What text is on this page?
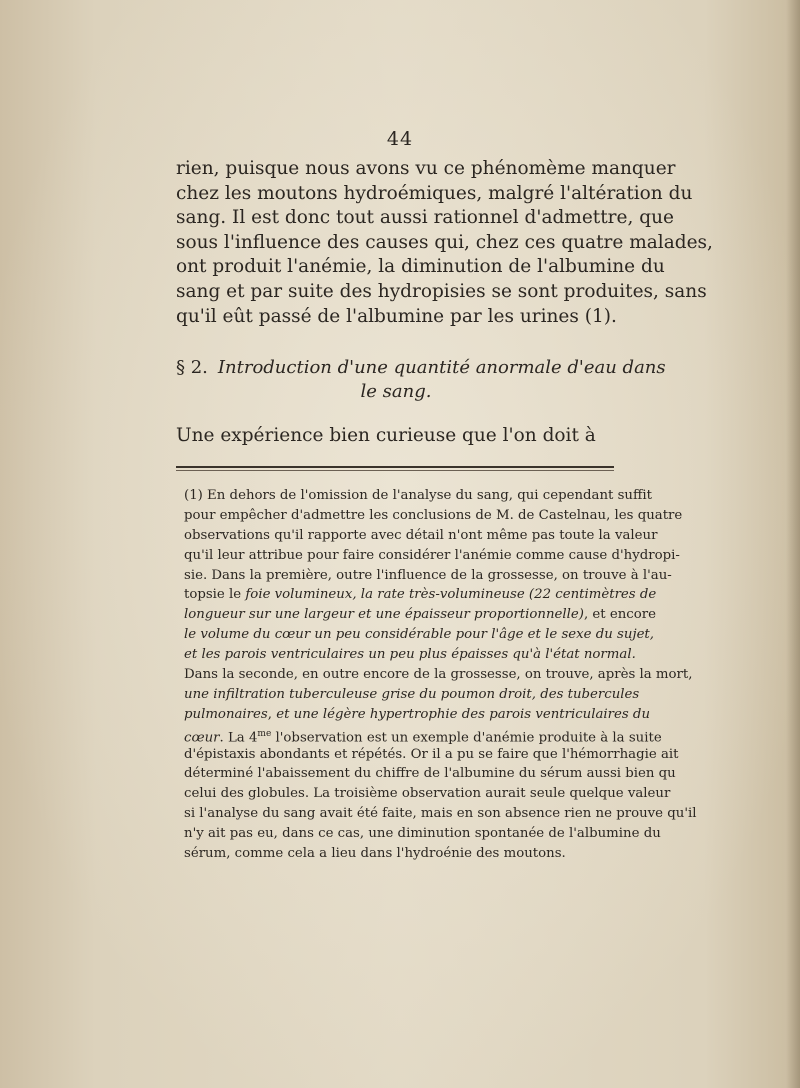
44
rien, puisque nous avons vu ce phénomème manquer
chez les moutons hydroémiques, malgré l'altération du
sang. Il est donc tout aussi rationnel d'admettre, que
sous l'influence des causes qui, chez ces quatre malades,
ont produit l'anémie, la diminution de l'albumine du
sang et par suite des hydropisies se sont produites, sans
qu'il eût passé de l'albumine par les urines (1).
§ 2. Introduction d'une quantité anormale d'eau dans
le sang.
Une expérience bien curieuse que l'on doit à
(1) En dehors de l'omission de l'analyse du sang, qui cependant suffit
pour empêcher d'admettre les conclusions de M. de Castelnau, les quatre
observations qu'il rapporte avec détail n'ont même pas toute la valeur
qu'il leur attribue pour faire considérer l'anémie comme cause d'hydropi-
sie. Dans la première, outre l'influence de la grossesse, on trouve à l'au-
topsie le foie volumineux, la rate très-volumineuse (22 centimètres de
longueur sur une largeur et une épaisseur proportionnelle), et encore
le volume du cœur un peu considérable pour l'âge et le sexe du sujet,
et les parois ventriculaires un peu plus épaisses qu'à l'état normal.
Dans la seconde, en outre encore de la grossesse, on trouve, après la mort,
une infiltration tuberculeuse grise du poumon droit, des tubercules
pulmonaires, et une légère hypertrophie des parois ventriculaires du
cœur. La $4^{me}$ l'observation est un exemple d'anémie produite à la suite
d'épistaxis abondants et répétés. Or il a pu se faire que l'hémorrhagie ait
déterminé l'abaissement du chiffre de l'albumine du sérum aussi bien qu
celui des globules. La troisième observation aurait seule quelque valeur
si l'analyse du sang avait été faite, mais en son absence rien ne prouve qu'il
n'y ait pas eu, dans ce cas, une diminution spontanée de l'albumine du
sérum, comme cela a lieu dans l'hydroénie des moutons.
